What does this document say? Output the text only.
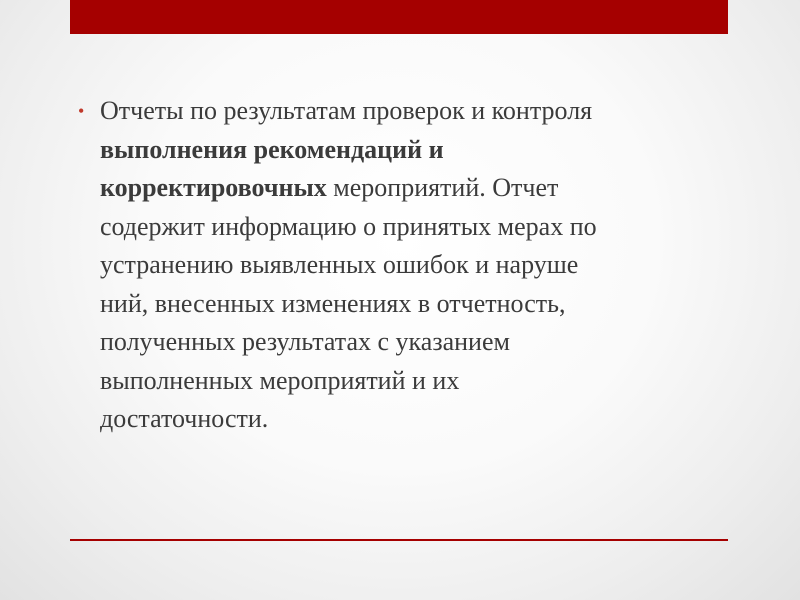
• Отчеты по результатам проверок и контроля
выполнения рекомендаций и
корректировочных мероприятий. Отчет
содержит информацию о принятых мерах по
устранению выявленных ошибок и наруше
ний, внесенных изменениях в отчетность,
полученных результатах с указанием
выполненных мероприятий и их
достаточности.
